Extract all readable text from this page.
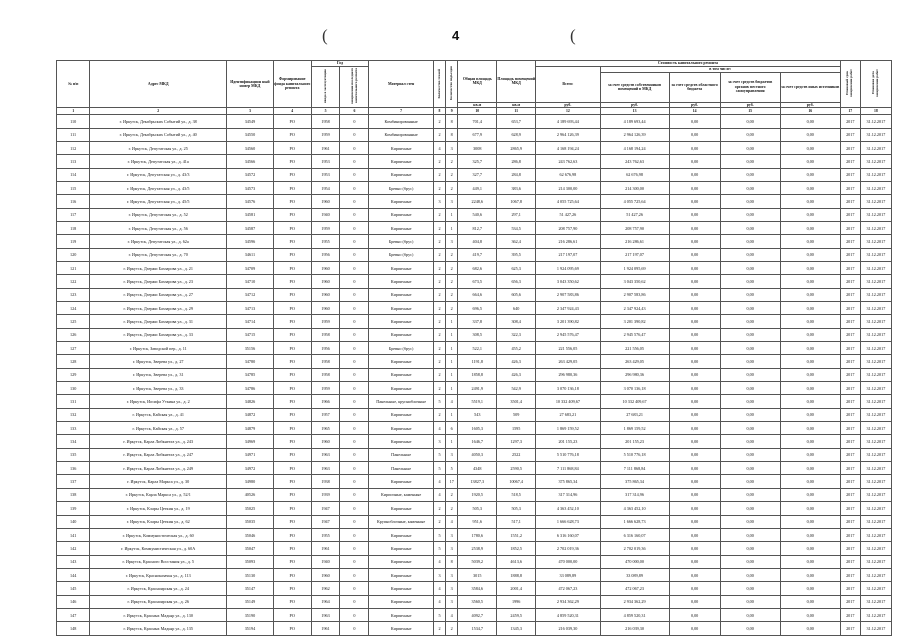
(	4	(
№ п/п	Адрес МКД	Идентификацион ный номер МКД	Формирование фонда капитального ремонта	Год		Материал стен	Количество этажей	Количество подъездов	Общая площадь МКД	Площадь помещений МКД	Стоимость капитального ремонта					Плановый срок завершения работ	Плановая дата завершения работ
				ввода в эксплуатацию	завершения последнего капитального ремонта						Всего:	в том числе:					
												за счет средств собственников помещений в МКД	за счет средств областного бюджета	за счет средств бюджетов органов местного самоуправления	за счет средств иных источников		
									кв.м	кв.м	руб.	руб.	руб.	руб.	руб.		
1	2	3	4	5	6	7	8	9	10	11	12	13	14	15	16	17	18
110	г. Иркутск, Декабрьских Событий ул., д. 38	34549	РО	1958	0	Комбинированные	2	8	701,4	653,7	4 189 693,44	4 189 693,44	0,00	0,00	0,00	2017	31.12.2017
111	г. Иркутск, Декабрьских Событий ул., д. 40	34550	РО	1959	0	Комбинированные	2	8	677,9	628,9	2 964 126,39	2 964 126,39	0,00	0,00	0,00	2017	31.12.2017
112	г. Иркутск, Депутатская ул., д. 25	34560	РО	1961	0	Кирпичные	4	3	3008	2865,9	4 168 194,24	4 168 194,24	0,00	0,00	0,00	2017	31.12.2017
113	г. Иркутск, Депутатская ул., д. 41а	34566	РО	1953	0	Кирпичные	2	2	325,7	286,8	243 762,63	243 762,63	0,00	0,00	0,00	2017	31.12.2017
114	г. Иркутск, Депутатская ул., д. 43/3	34572	РО	1953	0	Кирпичные	2	2	327,7	284,8	62 676,98	62 676,98	0,00	0,00	0,00	2017	31.12.2017
115	г. Иркутск, Депутатская ул., д. 43/5	34573	РО	1954	0	Бревно (брус)	2	2	449,1	383,6	214 300,00	214 300,00	0,00	0,00	0,00	2017	31.12.2017
116	г. Иркутск, Депутатская ул., д. 45/5	34576	РО	1960	0	Кирпичные	3	3	2248,6	1067,8	4 055 725,64	4 055 725,64	0,00	0,00	0,00	2017	31.12.2017
117	г. Иркутск, Депутатская ул., д. 52	34581	РО	1940	0	Кирпичные	2	1	540,6	297,1	51 427,26	51 427,26	0,00	0,00	0,00	2017	31.12.2017
118	г. Иркутск, Депутатская ул., д. 56	34587	РО	1959	0	Кирпичные	2	1	812,7	534,5	208 757,90	208 757,90	0,00	0,00	0,00	2017	31.12.2017
119	г. Иркутск, Депутатская ул., д. 62а	34596	РО	1955	0	Бревно (брус)	2	3	404,8	362,4	216 286,61	216 286,61	0,00	0,00	0,00	2017	31.12.2017
120	г. Иркутск, Депутатская ул., д. 70	34611	РО	1956	0	Бревно (брус)	2	2	419,7	395,5	217 197,07	217 197,07	0,00	0,00	0,00	2017	31.12.2017
121	г. Иркутск, Дзержи Бахзарова ул., д. 21	34709	РО	1960	0	Кирпичные	2	2	682,6	625,3	1 924 095,69	1 924 095,69	0,00	0,00	0,00	2017	31.12.2017
122	г. Иркутск, Дзержи Бахзарова ул., д. 23	34710	РО	1960	0	Кирпичные	2	2	673,5	656,3	3 043 350,62	3 043 350,62	0,00	0,00	0,00	2017	31.12.2017
123	г. Иркутск, Дзержи Бахзарова ул., д. 27	34712	РО	1960	0	Кирпичные	2	2	664,6	605,6	2 907 583,86	2 907 583,86	0,00	0,00	0,00	2017	31.12.2017
124	г. Иркутск, Дзержи Бахзарова ул., д. 29	34713	РО	1960	0	Кирпичные	2	2	696,5	640	2 347 924,43	2 347 924,43	0,00	0,00	0,00	2017	31.12.2017
125	г. Иркутск, Дзержи Бахзарова ул., д. 31	34714	РО	1959	0	Кирпичные	2	1	337,8	308,4	3 201 390,82	3 201 390,82	0,00	0,00	0,00	2017	31.12.2017
126	г. Иркутск, Дзержи Бахзарова ул., д. 33	34715	РО	1958	0	Кирпичные	2	1	308,5	322,3	2 945 576,47	2 945 576,47	0,00	0,00	0,00	2017	31.12.2017
127	г. Иркутск, Заводской пер., д. 11	35156	РО	1956	0	Бревно (брус)	2	1	522,1	455,2	221 556,05	221 556,05	0,00	0,00	0,00	2017	31.12.2017
128	г. Иркутск, Зверева ул., д. 27	34780	РО	1958	0	Кирпичные	2	1	1191,8	426,3	263 429,05	263 429,05	0,00	0,00	0,00	2017	31.12.2017
129	г. Иркутск, Зверева ул., д. 31	34785	РО	1958	0	Кирпичные	2	1	1858,8	426,3	296 980,36	296 980,36	0,00	0,00	0,00	2017	31.12.2017
130	г. Иркутск, Зверева ул., д. 33	34786	РО	1959	0	Кирпичные	2	1	2491,9	542,9	3 070 136,18	3 070 136,18	0,00	0,00	0,00	2017	31.12.2017
131	г. Иркутск, Иосифа Уткина ул., д. 2	34826	РО	1966	0	Панельные, крупноблочные	5	4	5519,1	3501,4	10 332 409,67	10 332 409,67	0,00	0,00	0,00	2017	31.12.2017
132	г. Иркутск, Кайская ул., д. 41	34872	РО	1957	0	Кирпичные	2	1	543	509	27 683,21	27 683,21	0,00	0,00	0,00	2017	31.12.2017
133	г. Иркутск, Кайская ул., д. 57	34879	РО	1965	0	Кирпичные	4	6	1605,3	1595	1 869 159,52	1 869 159,52	0,00	0,00	0,00	2017	31.12.2017
134	г. Иркутск, Карла Либкнехта ул., д. 243	34969	РО	1960	0	Кирпичные	3	1	1646,7	1297,3	201 155,23	201 155,23	0,00	0,00	0,00	2017	31.12.2017
135	г. Иркутск, Карла Либкнехта ул., д. 247	34971	РО	1963	0	Панельные	5	3	4050,3	2522	5 510 776,18	5 510 776,18	0,00	0,00	0,00	2017	31.12.2017
136	г. Иркутск, Карла Либкнехта ул., д. 249	34972	РО	1963	0	Панельные	5	5	4348	2590,5	7 111 868,84	7 111 868,84	0,00	0,00	0,00	2017	31.12.2017
137	г. Иркутск, Карла Маркса ул., д. 30	34980	РО	1938	0	Кирпичные	4	17	13827,3	10067,4	375 865,34	375 865,34	0,00	0,00	0,00	2017	31.12.2017
138	г. Иркутск, Карла Маркса ул., д. 52/1	40526	РО	1939	0	Кирпичные, каменные	4	2	1920,5	518,5	317 314,96	317 314,96	0,00	0,00	0,00	2017	31.12.2017
139	г. Иркутск, Клары Цеткин ул., д. 19	35025	РО	1947	0	Кирпичные	2	2	505,3	505,3	4 363 452,10	4 363 452,10	0,00	0,00	0,00	2017	31.12.2017
140	г. Иркутск, Клары Цеткин ул., д. 62	35035	РО	1947	0	Крупноблочные, каменные	2	4	951,6	517,1	1 666 628,73	1 666 628,73	0,00	0,00	0,00	2017	31.12.2017
141	г. Иркутск, Коммунистическая ул., д. 60	35046	РО	1955	0	Кирпичные	5	3	1780,6	1551,2	6 316 160,07	6 316 160,07	0,00	0,00	0,00	2017	31.12.2017
142	г. Иркутск, Коммунистическая ул., д. 60А	35047	РО	1961	0	Кирпичные	5	3	2538,9	1852,5	2 702 019,36	2 702 019,36	0,00	0,00	0,00	2017	31.12.2017
143	г. Иркутск, Красного Восстания ул., д. 5	35093	РО	1940	0	Кирпичные	4	8	5039,2	4613,6	470 000,00	470 000,00	0,00	0,00	0,00	2017	31.12.2017
144	г. Иркутск, Красноказачья ул., д. 113	35130	РО	1960	0	Кирпичные	3	3	3015	1888,8	33 089,89	33 089,89	0,00	0,00	0,00	2017	31.12.2017
145	г. Иркутск, Красноярская ул., д. 24	35147	РО	1962	0	Кирпичные	4	3	3584,6	2001,4	472 067,23	472 067,23	0,00	0,00	0,00	2017	31.12.2017
146	г. Иркутск, Красноярская ул., д. 26	35149	РО	1964	0	Кирпичные	4	3	3560,5	1996	2 934 362,29	2 934 362,29	0,00	0,00	0,00	2017	31.12.2017
147	г. Иркутск, Красных Мадьяр ул., д. 130	35190	РО	1963	0	Кирпичные	5	4	4092,7	2459,5	4 859 520,31	4 859 520,31	0,00	0,00	0,00	2017	31.12.2017
148	г. Иркутск, Красных Мадьяр ул., д. 135	35194	РО	1961	0	Кирпичные	2	2	1534,7	1345,3	216 039,30	216 039,30	0,00	0,00	0,00	2017	31.12.2017
